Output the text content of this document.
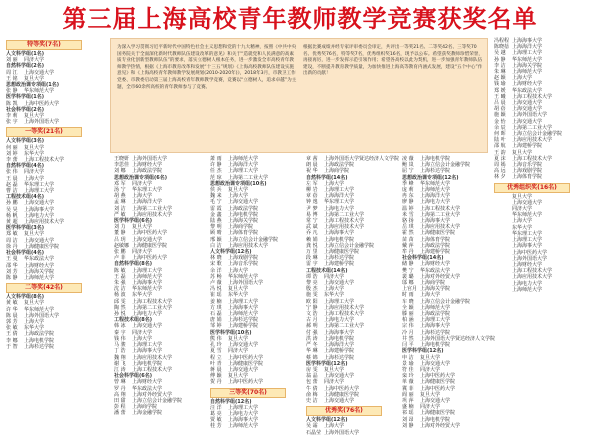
第三届上海高校青年教师教学竞赛获奖名单
为深入学习贯彻习近平新时代中国特色社会主义思想和党的十九大精神，按照《中共中央 国务院关于全面深化新时代教师队伍建设改革的意见》和关于“造就党和人民满意的高素质专业化创新型教师队伍”的要求，落实立德树人根本任务，进一步激发全市高校青年教师教学热情，根据《上海市教育改革和发展“十三五”规划》《上海高校教师队伍建设实施意见》和《上海高校青年教师教学发展规划(2010-2020年)》，2018年3月，市教卫工作党委、市教委启动第三届上海高校青年教师教学竞赛，竞赛以“立德树人，追求卓越”为主题，全市60余所高校的青年教师参与了竞赛。
根据比赛成绩并经专家评审委员会审定，共评出一等奖21名、二等奖42名、三等奖70名、优秀奖76名，特等奖7名，优秀组织奖16名，现予以公布。希望获奖教师珍惜荣誉，再接再厉，进一步发挥示范引领作用；希望各高校以此为契机，进一步加强青年教师队伍建设，不断提升教育教学质量，为加快推进上海高等教育内涵式发展，建设“五个中心”作出新的贡献！
特等奖(7名)
人文科学组(1名)
刘 丽 同济大学
自然科学组(2名)
周 江 上海交通大学
王 铭 复旦大学
思想政治课专项组(1名)
张 静 华东师范大学
医学科学组(1名)
陈 凯 上海中医药大学
社会科学组(2名)
李 莉 复旦大学
张 宇 上海外国语大学
一等奖(21名)
人文科学组(3名)
何 丽 复旦大学
刘 婷 东华大学
李 蕾 上海工程技术大学
自然科学组(4名)
张 伟 同济大学
王 晨 上海大学
赵 磊 华东理工大学
曹 洁 上海理工大学
工程技术组(4名)
孙 鹏 上海交通大学
吴 昊 上海海事大学
杨 帆 上海电力大学
黄 超 上海应用技术大学
医学科学组(3名)
郑 敏 复旦大学
周 洁 上海交通大学
徐 丹 上海健康医学院
社会科学组(4名)
王 曼 华东政法大学
邵 华 上海财经大学
刘 芳 上海海关学院
陈 静 上海师范大学
二等奖(42名)
人文科学组(8名)
黄 敏 复旦大学
许 华 华东师范大学
陈 晨 上海外国语大学
郭 芳 上海大学
张 敏 东华大学
王 倩 上海政法学院
李 娜 上海电机学院
于 智 上海杉达学院
王晓妍 上海外国语大学
李思佳 上海财经大学
刘 娜 上海政法学院
思想政治课专项组(6名)
邓 军 同济大学
汤 宁 华东理工大学
胡 燕 上海大学
孟 琳 上海海洋大学
刘 洁 上海第二工业大学
严 敏 上海应用技术大学
医学科学组(6名)
刘 力 复旦大学
董 静 上海中医药大学
吕 玥 上海交通大学
赵敏娜 上海健康医学院
张 鹏 同济大学
卢 菲 上海中医药大学
自然科学组(8名)
陈 敏 上海理工大学
王 磊 上海师范大学
朱 强 上海海事大学
沈 洁 华东师范大学
杨 波 东华大学
邱 雯 上海工程技术大学
陶 然 上海第二工业大学
孙 悦 上海电力大学
工程技术组(8名)
韩 冰 上海交通大学
秦 宇 同济大学
钱 伟 上海大学
马 骏 上海理工大学
丁 浩 上海海事大学
魏 翔 上海应用技术大学
谢 飞 上海电机学院
江 涛 上海工程技术大学
社会科学组(6名)
曾 琳 上海财经大学
罗 丹 华东政法大学
高 翔 上海对外经贸大学
田 甜 上海立信会计金融学院
彭 程 上海商学院
潘 蕾 上海金融学院
萧 雨 上海师范大学
许 静 上海海洋大学
任 杰 上海理工大学
范 琼 上海第二工业大学
思想政治课专项组(10名)
侯 兵 复旦大学
魏 来 上海大学
毛 宁 上海交通大学
雷 霞 上海政法学院
金 鑫 上海电机学院
陆 燕 上海海关学院
黎 明 上海商学院
顾 晴 上海体育学院
邢 颖 上海立信会计金融学院
白 洁 上海应用技术大学
人文科学组(12名)
林 晓 上海戏剧学院
宋 歌 上海音乐学院
余 洋 上海大学
苏 畅 华东师范大学
卢 薇 上海外国语大学
冯 悦 复旦大学
崔 瑶 东华大学
姜 楠 上海理工大学
方 琪 上海海事大学
石 磊 上海师范大学
唐 娟 上海杉达学院
邹 婷 上海建桥学院
医学科学组(10名)
熊 伟 复旦大学
孔 玲 上海交通大学
夏 雪 同济大学
程 立 上海中医药大学
叶 青 上海健康医学院
蒋 晨 上海交通大学
傅 颖 复旦大学
贺 丹 上海中医药大学
三等奖(70名)
自然科学组(12名)
汪 洋 上海理工大学
葛 亮 上海电力大学
贾 敏 上海海事大学
桂 芳 上海师范大学
章 茜 上海外国语大学贤达经济人文学院
朗 晨 上海政法学院
祝 华 上海商学院
自然科学组(14名)
左 军 上海大学
柳 岩 上海理工大学
章 蓓 上海海洋大学
钟 逸 华东理工大学
尹 梦 上海电力大学
易 博 上海第二工业大学
常 宁 上海工程技术大学
武 斌 上海应用技术大学
乔 凡 上海海事大学
赖 娟 上海电机学院
龚 悦 上海立信会计金融学院
万 里 上海健康医学院
段 琳 上海杉达学院
雷 宇 上海建桥学院
工程技术组(14名)
谭 浩 同济大学
黎 亮 上海交通大学
殷 杰 上海大学
施 雯 东华大学
欧 阳 上海理工大学
宁 静 上海应用技术大学
文 浩 上海工程技术大学
古 月 上海电力大学
郝 明 上海第二工业大学
付 强 上海海事大学
洪 涛 上海电机学院
严 冬 上海海洋大学
华 琳 上海建桥学院
蔡 锦 上海杉达学院
医学科学组(12名)
房 雯 复旦大学
翁 晶 上海交通大学
包 蕾 同济大学
牛 倩 上海中医药大学
俞 梅 上海健康医学院
史 洁 上海交通大学
优秀奖(76名)
人文科学组(12名)
吴 霜 上海大学
石晶莹 上海外国语大学
凌 薇 上海电机学院
鲍 岚 上海立信会计金融学院
屈 宁 上海杉达学院
思想政治课专项组(12名)
季 峰 华东师范大学
庞 莉 上海师范大学
冉 东 上海海洋大学
廖 静 上海电力大学
温 婷 上海工程技术大学
米 雪 上海第二工业大学
骆 扬 上海海事大学
岳 琪 上海应用技术大学
霍 然 上海健康医学院
苗 苗 上海体育学院
戴 萍 上海政法学院
牟 丹 上海建桥学院
社会科学组(14名)
储 静 上海财经大学
樊 宁 华东政法大学
裴 璐 上海对外经贸大学
邬 娜 上海商学院
上官月 上海海关学院
时 雨 上海大学
车 晓 上海立信会计金融学院
全 颖 上海师范大学
滕 丽 上海政法学院
柏 涵 上海理工大学
宗 伟 上海海事大学
冷 月 上海杉达学院
井 然 上海外国语大学贤达经济人文学院
闫 平 上海电机学院
医学科学组(12名)
申 洁 复旦大学
景 瑜 上海交通大学
符 佳 同济大学
栾 玲 上海中医药大学
单 薇 上海健康医学院
冀 菲 上海中医药大学
阎 丽 复旦大学
巩 萍 上海交通大学
盛 楠 同济大学
祁 瑶 上海健康医学院
刘 昂 上海电机学院
刘 静 上海对外经贸大学
冯程程 上海海事大学
陈晓蓓 上海海洋大学
吴 越 上海理工大学
孙 静 华东师范大学
李 洁 上海海关学院
朱 琳 上海师范大学
赵 颖 上海大学
钱 瑜 上海财经大学
郑 媛 华东政法大学
王 曦 上海工程技术大学
吕 晨 上海交通大学
胡 蓓 上海交通大学
施 颖 上海外国语大学
金 怡 上海交通大学
余 辰 上海第二工业大学
何 晖 上海立信会计金融学院
陆 叶 上海应用技术大学
邵 航 上海建桥学院
王 韵 复旦大学
夏 沫 上海工程技术大学
周 嫣 上海音乐学院
高 远 上海戏剧学院
林 夕 上海体育学院
优秀组织奖(16名)
复旦大学
上海交通大学
同济大学
华东师范大学
上海大学
东华大学
华东理工大学
上海理工大学
上海海事大学
上海中医药大学
上海外国语大学
上海财经大学
上海工程技术大学
上海应用技术大学
上海电力大学
上海师范大学
